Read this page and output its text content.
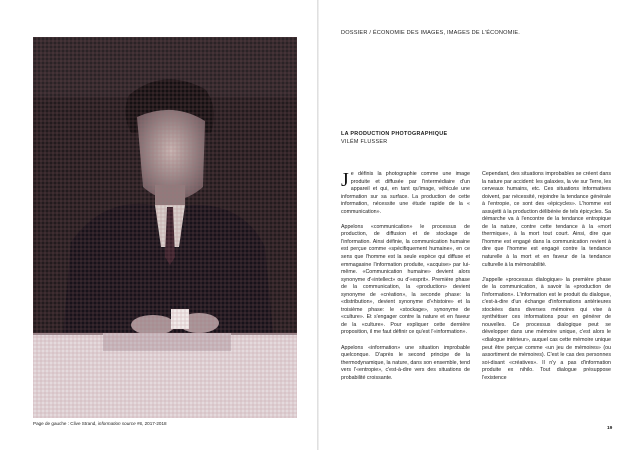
Page de gauche : Clive Strand, information source #6, 2017-2018
DOSSIER / ÉCONOMIE DES IMAGES, IMAGES DE L'ÉCONOMIE.
LA PRODUCTION PHOTOGRAPHIQUE
VILÉM FLUSSER

Je définis la photographie comme une image produite et diffusée par l'intermédiaire d'un appareil et qui, en tant qu'image, véhicule une information sur sa surface. La production de cette information, nécessite une étude rapide de la « communication».

Appelons «communication» le processus de production, de diffusion et de stockage de l'information. Ainsi définie, la communication humaine est perçue comme «spécifiquement humaine», en ce sens que l'homme est la seule espèce qui diffuse et emmagasine l'information produite, «acquise» par lui-même. «Communication humaine» devient alors synonyme d'«intellect» ou d'«esprit». Première phase de la communication, la «production» devient synonyme de «création», la seconde phase: la «distribution», devient synonyme d'«histoire» et la troisième phase: le «stockage», synonyme de «culture». Et s'engager contre la nature et en faveur de la «culture». Pour expliquer cette dernière proposition, il me faut définir ce qu'est l'«information».

Appelons «information» une situation improbable quelconque. D'après le second principe de la thermodynamique, la nature, dans son ensemble, tend vers l'«entropie», c'est-à-dire vers des situations de probabilité croissante.

Cependant, des situations improbables se créent dans la nature par accident: les galaxies, la vie sur Terre, les cerveaux humains, etc. Ces situations informatives doivent, par nécessité, rejoindre la tendance générale à l'entropie, ce sont des «épicycles». L'homme est assujetti à la production délibérée de tels épicycles. Sa démarche va à l'encontre de la tendance entropique de la nature, contre cette tendance à la «mort thermique», à la mort tout court. Ainsi, dire que l'homme est engagé dans la communication revient à dire que l'homme est engagé contre la tendance naturelle à la mort et en faveur de la tendance culturelle à la mémorabilité.

J'appelle «processus dialogique» la première phase de la communication, à savoir la «production de l'information». L'information est le produit du dialogue, c'est-à-dire d'un échange d'informations antérieures stockées dans diverses mémoires qui vise à synthétiser ces informations pour en générer de nouvelles. Ce processus dialogique peut se développer dans une mémoire unique, c'est alors le «dialogue intérieur», auquel cas cette mémoire unique peut être perçue comme «un jeu de mémoires» (ou assortiment de mémoires). C'est le cas des personnes soi-disant «créatives». Il n'y a pas d'information produite ex nihilo. Tout dialogue présuppose l'existence

19
